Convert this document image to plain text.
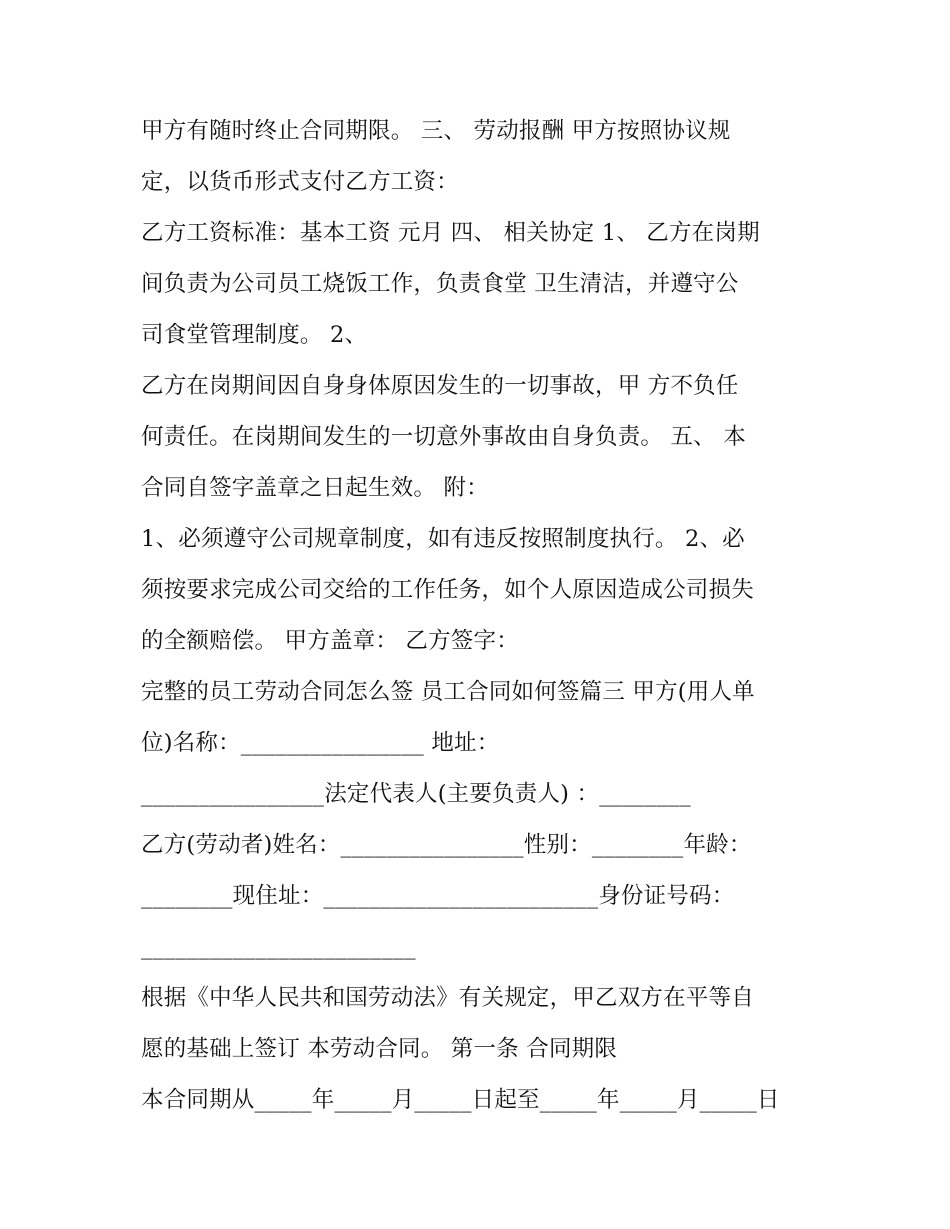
甲方有随时终止合同期限。 三、 劳动报酬 甲方按照协议规
定，以货币形式支付乙方工资：
乙方工资标准：基本工资 元月 四、 相关协定 1、 乙方在岗期
间负责为公司员工烧饭工作，负责食堂 卫生清洁，并遵守公
司食堂管理制度。 2、
乙方在岗期间因自身身体原因发生的一切事故，甲 方不负任
何责任。在岗期间发生的一切意外事故由自身负责。 五、 本
合同自签字盖章之日起生效。 附：
1、必须遵守公司规章制度，如有违反按照制度执行。 2、必
须按要求完成公司交给的工作任务，如个人原因造成公司损失
的全额赔偿。 甲方盖章： 乙方签字：
完整的员工劳动合同怎么签 员工合同如何签篇三 甲方(用人单
位)名称：________________ 地址：
________________法定代表人(主要负责人) ：________
乙方(劳动者)姓名：________________性别：________年龄：
________现住址：________________________身份证号码：
________________________
根据《中华人民共和国劳动法》有关规定，甲乙双方在平等自
愿的基础上签订 本劳动合同。 第一条 合同期限
本合同期从_____年_____月_____日起至_____年_____月_____日
